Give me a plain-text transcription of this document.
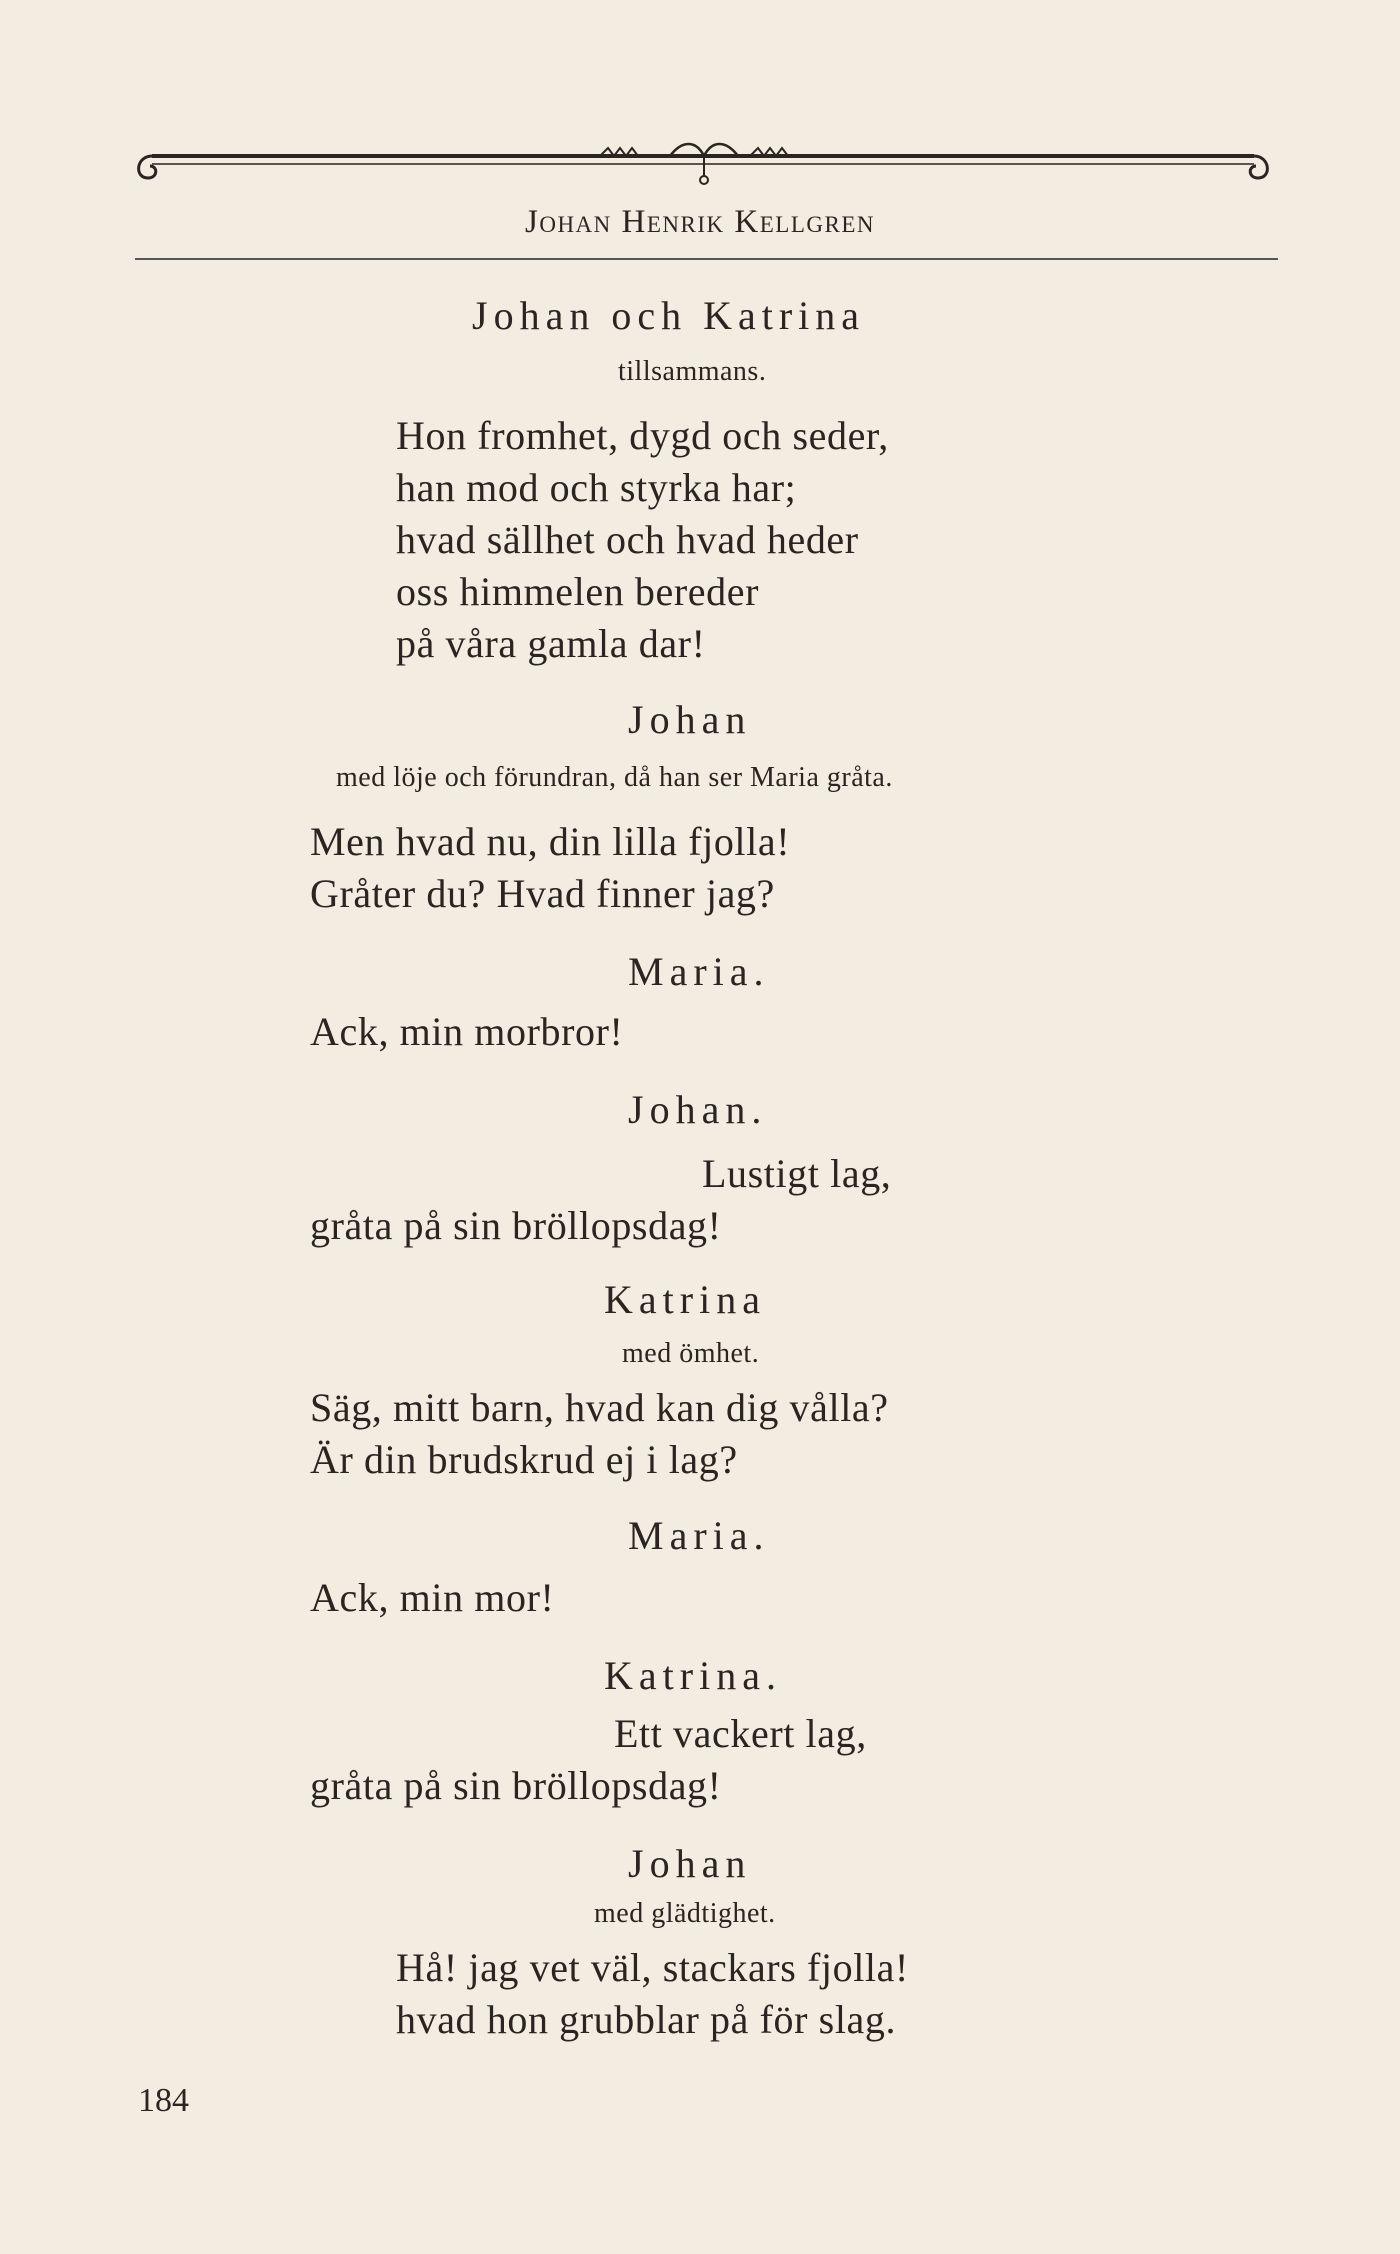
Johan Henrik Kellgren
Johan och Katrina
tillsammans.
Hon fromhet, dygd och seder,
han mod och styrka har;
hvad sällhet och hvad heder
oss himmelen bereder
på våra gamla dar!
Johan
med löje och förundran, då han ser Maria gråta.
Men hvad nu, din lilla fjolla!
Gråter du? Hvad finner jag?
Maria.
Ack, min morbror!
Johan.
Lustigt lag,
gråta på sin bröllopsdag!
Katrina
med ömhet.
Säg, mitt barn, hvad kan dig vålla?
Är din brudskrud ej i lag?
Maria.
Ack, min mor!
Katrina.
Ett vackert lag,
gråta på sin bröllopsdag!
Johan
med glädtighet.
Hå! jag vet väl, stackars fjolla!
hvad hon grubblar på för slag.
184
